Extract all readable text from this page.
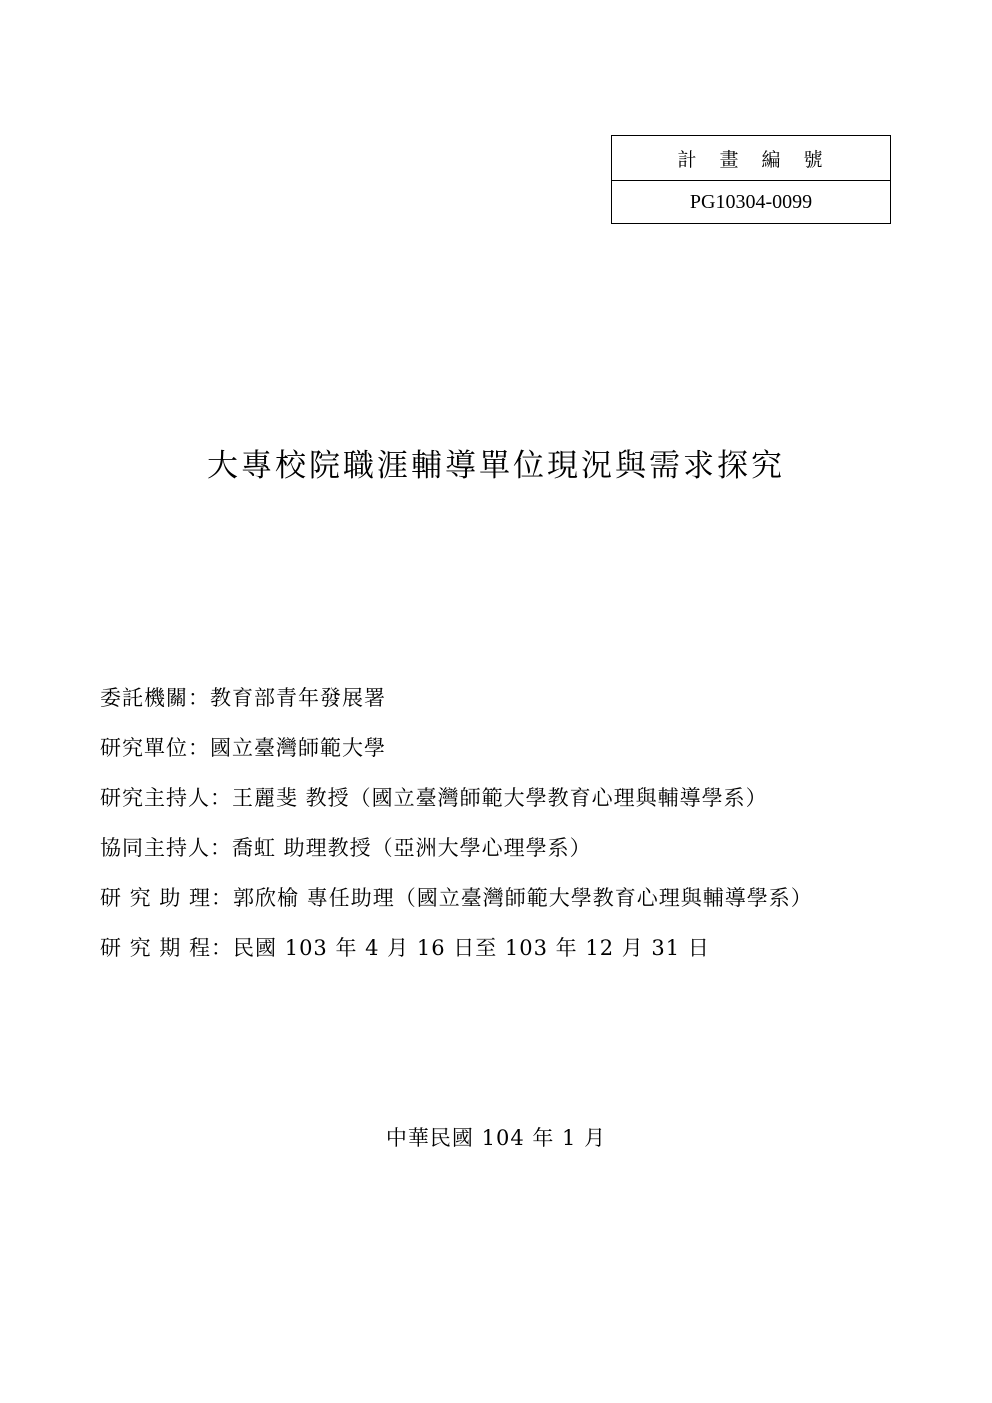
計　畫　編　號
PG10304-0099
大專校院職涯輔導單位現況與需求探究
委託機關： 教育部青年發展署
研究單位： 國立臺灣師範大學
研究主持人： 王麗斐 教授（國立臺灣師範大學教育心理與輔導學系）
協同主持人： 喬虹 助理教授（亞洲大學心理學系）
研 究 助 理： 郭欣榆 專任助理（國立臺灣師範大學教育心理與輔導學系）
研 究 期 程： 民國 103 年 4 月 16 日至 103 年 12 月 31 日
中華民國 104 年 1 月
